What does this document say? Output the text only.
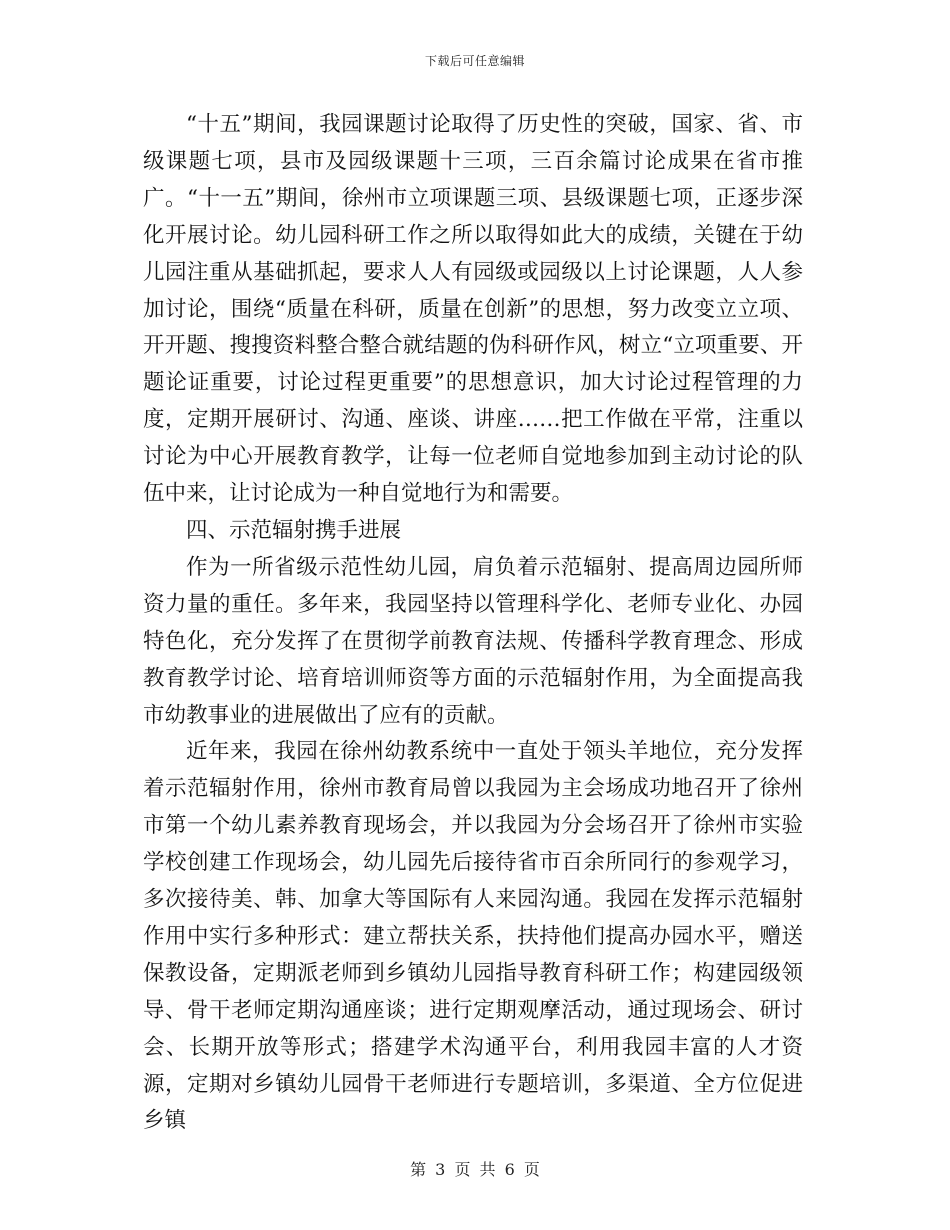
下载后可任意编辑

“十五”期间，我园课题讨论取得了历史性的突破，国家、省、市级课题七项，县市及园级课题十三项，三百余篇讨论成果在省市推广。“十一五”期间，徐州市立项课题三项、县级课题七项，正逐步深化开展讨论。幼儿园科研工作之所以取得如此大的成绩，关键在于幼儿园注重从基础抓起，要求人人有园级或园级以上讨论课题，人人参加讨论，围绕“质量在科研，质量在创新”的思想，努力改变立立项、开开题、搜搜资料整合整合就结题的伪科研作风，树立“立项重要、开题论证重要，讨论过程更重要”的思想意识，加大讨论过程管理的力度，定期开展研讨、沟通、座谈、讲座……把工作做在平常，注重以讨论为中心开展教育教学，让每一位老师自觉地参加到主动讨论的队伍中来，让讨论成为一种自觉地行为和需要。

四、示范辐射携手进展

作为一所省级示范性幼儿园，肩负着示范辐射、提高周边园所师资力量的重任。多年来，我园坚持以管理科学化、老师专业化、办园特色化，充分发挥了在贯彻学前教育法规、传播科学教育理念、形成教育教学讨论、培育培训师资等方面的示范辐射作用，为全面提高我市幼教事业的进展做出了应有的贡献。

近年来，我园在徐州幼教系统中一直处于领头羊地位，充分发挥着示范辐射作用，徐州市教育局曾以我园为主会场成功地召开了徐州市第一个幼儿素养教育现场会，并以我园为分会场召开了徐州市实验学校创建工作现场会，幼儿园先后接待省市百余所同行的参观学习，多次接待美、韩、加拿大等国际有人来园沟通。我园在发挥示范辐射作用中实行多种形式：建立帮扶关系，扶持他们提高办园水平，赠送保教设备，定期派老师到乡镇幼儿园指导教育科研工作；构建园级领导、骨干老师定期沟通座谈；进行定期观摩活动，通过现场会、研讨会、长期开放等形式；搭建学术沟通平台，利用我园丰富的人才资源，定期对乡镇幼儿园骨干老师进行专题培训，多渠道、全方位促进乡镇

第 3 页 共 6 页
